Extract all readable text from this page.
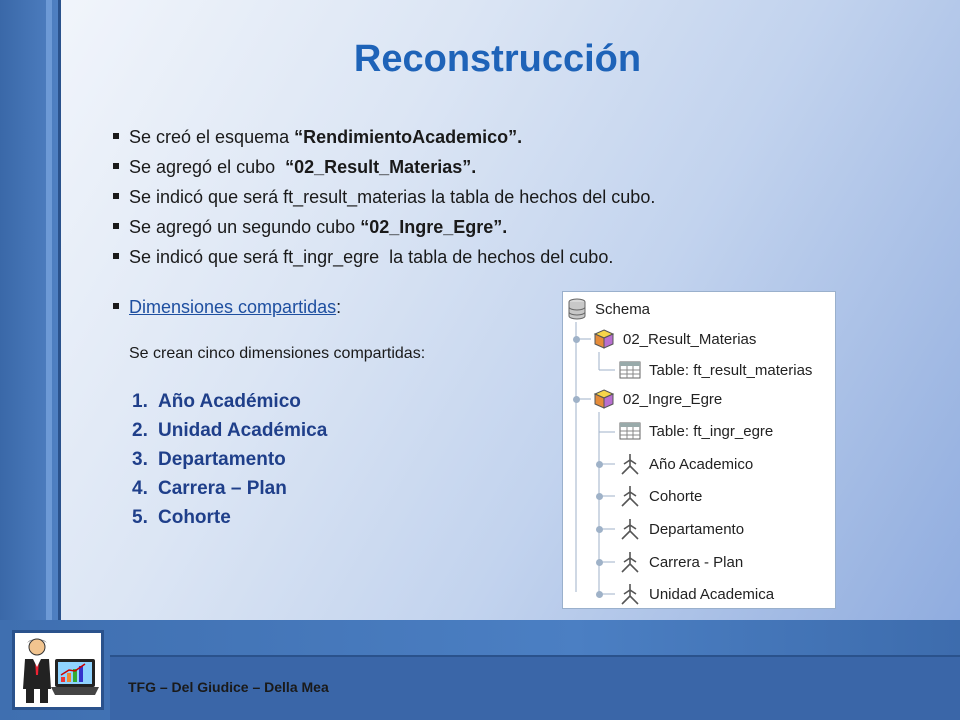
TFG – Del Giudice – Della Mea
Reconstrucción
Se creó el esquema “RendimientoAcademico”.
Se agregó el cubo  “02_Result_Materias”.
Se indicó que será ft_result_materias la tabla de hechos del cubo.
Se agregó un segundo cubo “02_Ingre_Egre”.
Se indicó que será ft_ingr_egre  la tabla de hechos del cubo.
Dimensiones compartidas:
Se crean cinco dimensiones compartidas:
1. Año Académico
2. Unidad Académica
3. Departamento
4. Carrera – Plan
5. Cohorte
Schema
02_Result_Materias
Table: ft_result_materias
02_Ingre_Egre
Table: ft_ingr_egre
Año Academico
Cohorte
Departamento
Carrera - Plan
Unidad Academica
